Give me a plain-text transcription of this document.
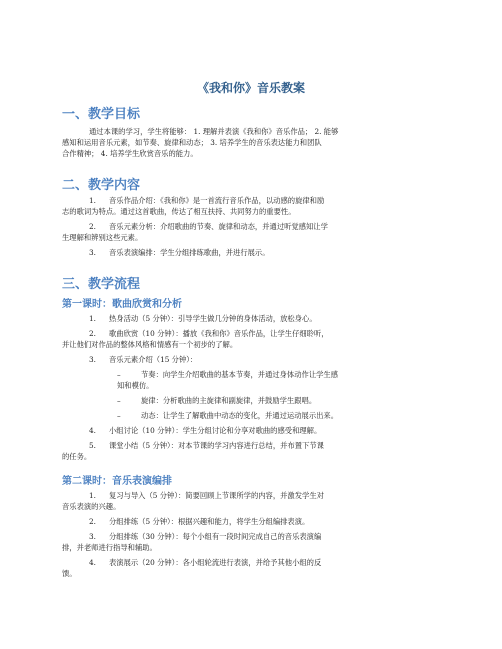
《我和你》音乐教案
一、教学目标
通过本课的学习，学生将能够： 1. 理解并表演《我和你》音乐作品； 2. 能够
感知和运用音乐元素，如节奏、旋律和动态； 3. 培养学生的音乐表达能力和团队
合作精神； 4. 培养学生欣赏音乐的能力。
二、教学内容
1. 音乐作品介绍：《我和你》是一首流行音乐作品，以动感的旋律和励
志的歌词为特点。通过这首歌曲，传达了相互扶持、共同努力的重要性。
2. 音乐元素分析：介绍歌曲的节奏、旋律和动态，并通过听觉感知让学
生理解和辨别这些元素。
3. 音乐表演编排：学生分组排练歌曲，并进行展示。
三、教学流程
第一课时：歌曲欣赏和分析
1. 热身活动（5 分钟）：引导学生做几分钟的身体活动，放松身心。
2. 歌曲欣赏（10 分钟）：播放《我和你》音乐作品，让学生仔细聆听，
并让他们对作品的整体风格和情感有一个初步的了解。
3. 音乐元素介绍（15 分钟）：
–	节奏：向学生介绍歌曲的基本节奏，并通过身体动作让学生感
知和模仿。
–	旋律：分析歌曲的主旋律和副旋律，并鼓励学生跟唱。
–	动态：让学生了解歌曲中动态的变化，并通过运动展示出来。
4. 小组讨论（10 分钟）：学生分组讨论和分享对歌曲的感受和理解。
5. 课堂小结（5 分钟）：对本节课的学习内容进行总结，并布置下节课
的任务。
第二课时：音乐表演编排
1. 复习与导入（5 分钟）：简要回顾上节课所学的内容，并激发学生对
音乐表演的兴趣。
2. 分组排练（5 分钟）：根据兴趣和能力，将学生分组编排表演。
3. 分组排练（30 分钟）：每个小组有一段时间完成自己的音乐表演编
排，并老师进行指导和辅助。
4. 表演展示（20 分钟）：各小组轮流进行表演，并给予其他小组的反
馈。
